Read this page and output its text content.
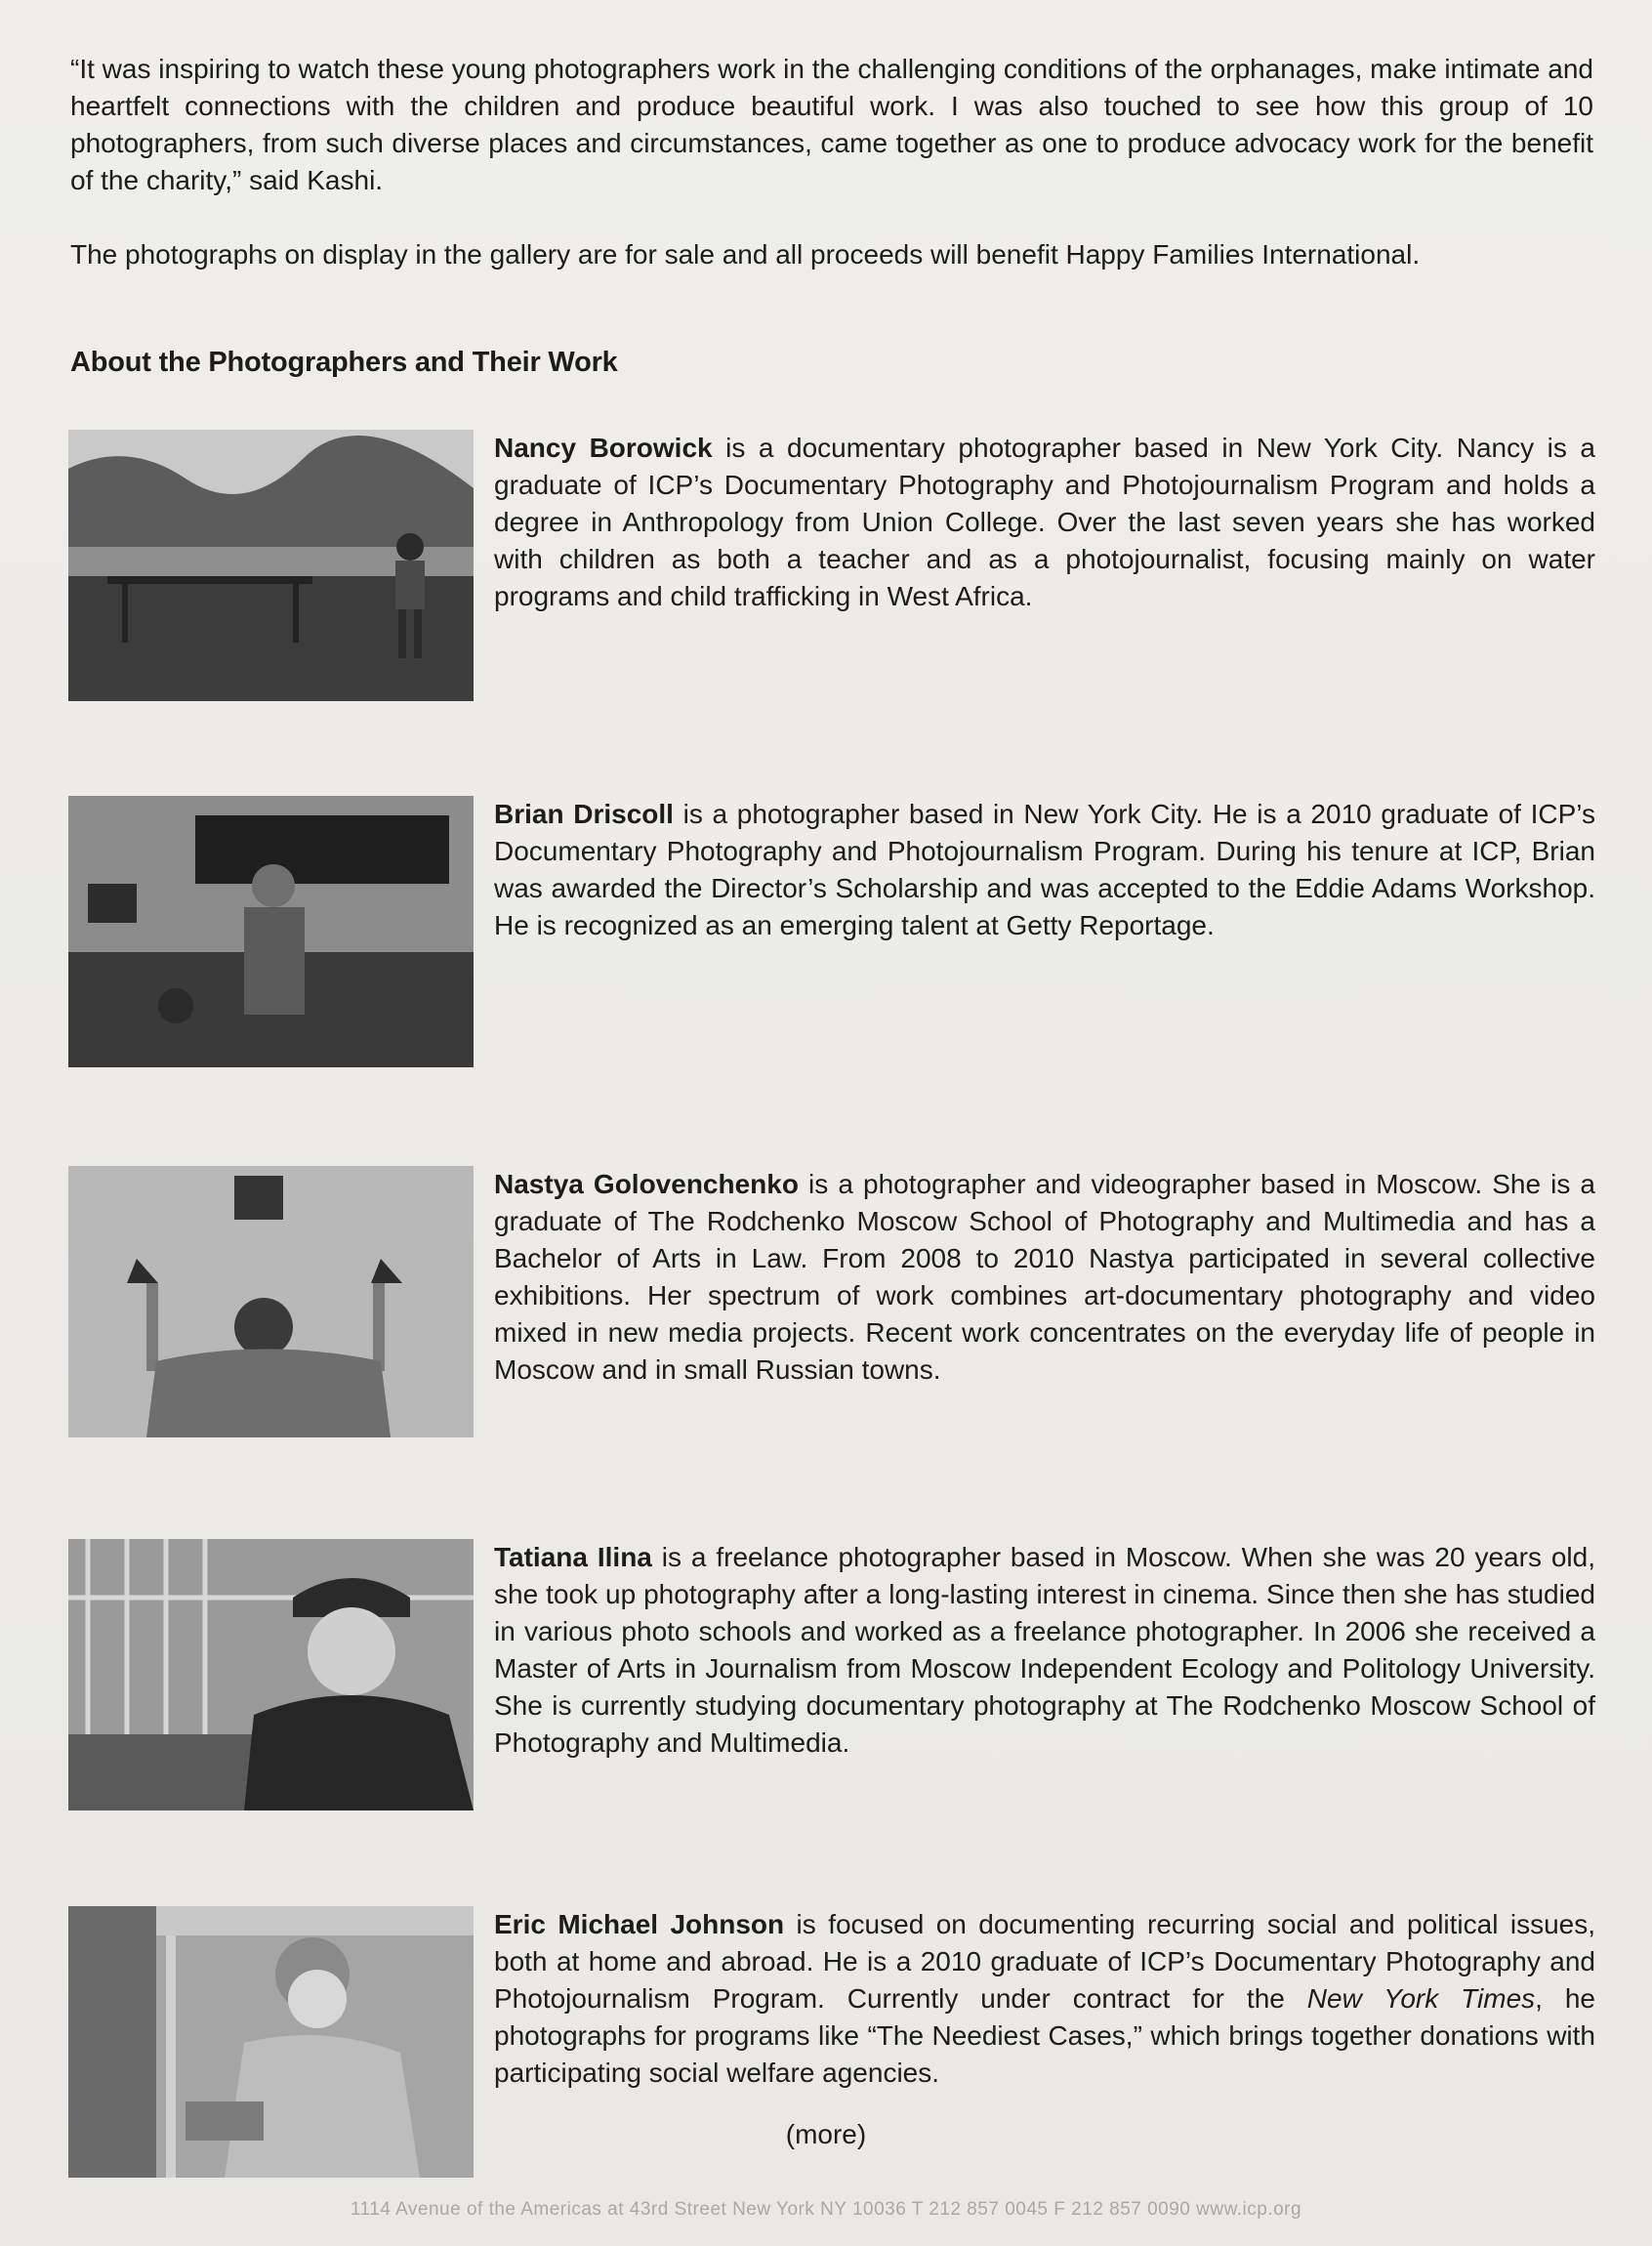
“It was inspiring to watch these young photographers work in the challenging conditions of the orphanages, make intimate and heartfelt connections with the children and produce beautiful work. I was also touched to see how this group of 10 photographers, from such diverse places and circumstances, came together as one to produce advocacy work for the benefit of the charity,” said Kashi.

The photographs on display in the gallery are for sale and all proceeds will benefit Happy Families International.

About the Photographers and Their Work
Nancy Borowick is a documentary photographer based in New York City. Nancy is a graduate of ICP’s Documentary Photography and Photojournalism Program and holds a degree in Anthropology from Union College. Over the last seven years she has worked with children as both a teacher and as a photojournalist, focusing mainly on water programs and child trafficking in West Africa.
Brian Driscoll is a photographer based in New York City. He is a 2010 graduate of ICP’s Documentary Photography and Photojournalism Program. During his tenure at ICP, Brian was awarded the Director’s Scholarship and was accepted to the Eddie Adams Workshop. He is recognized as an emerging talent at Getty Reportage.
Nastya Golovenchenko is a photographer and videographer based in Moscow. She is a graduate of The Rodchenko Moscow School of Photography and Multimedia and has a Bachelor of Arts in Law. From 2008 to 2010 Nastya participated in several collective exhibitions. Her spectrum of work combines art-documentary photography and video mixed in new media projects. Recent work concentrates on the everyday life of people in Moscow and in small Russian towns.
Tatiana Ilina is a freelance photographer based in Moscow. When she was 20 years old, she took up photography after a long-lasting interest in cinema. Since then she has studied in various photo schools and worked as a freelance photographer. In 2006 she received a Master of Arts in Journalism from Moscow Independent Ecology and Politology University. She is currently studying documentary photography at The Rodchenko Moscow School of Photography and Multimedia.
Eric Michael Johnson is focused on documenting recurring social and political issues, both at home and abroad. He is a 2010 graduate of ICP’s Documentary Photography and Photojournalism Program. Currently under contract for the New York Times, he photographs for programs like “The Neediest Cases,” which brings together donations with participating social welfare agencies.
(more)
1114 Avenue of the Americas at 43rd Street New York NY 10036 T 212 857 0045 F 212 857 0090 www.icp.org
